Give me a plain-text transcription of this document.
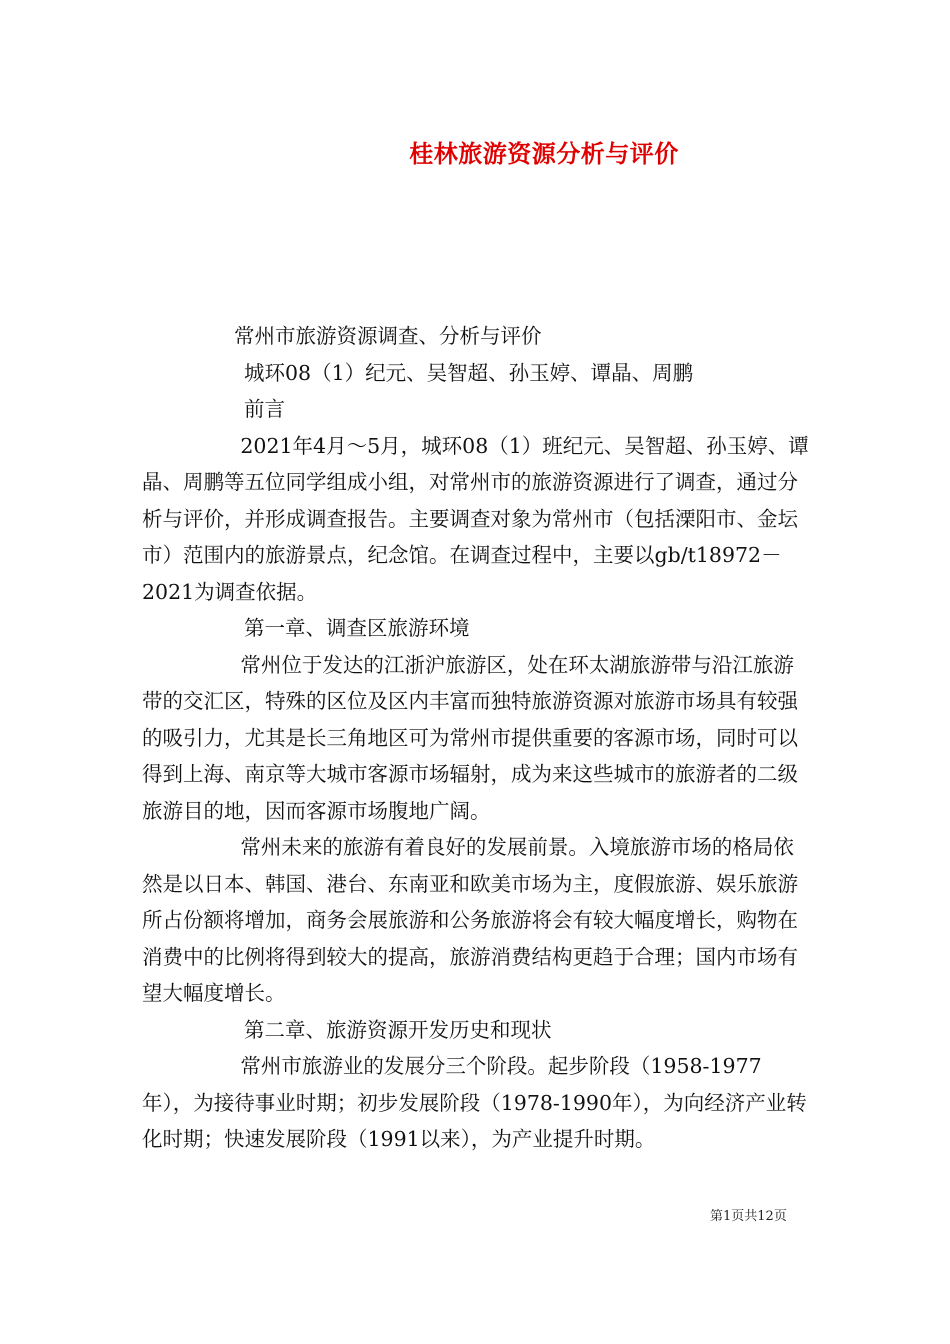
桂林旅游资源分析与评价

常州市旅游资源调查、分析与评价

城环08（1）纪元、吴智超、孙玉婷、谭晶、周鹏

前言

2021年4月～5月，城环08（1）班纪元、吴智超、孙玉婷、谭晶、周鹏等五位同学组成小组，对常州市的旅游资源进行了调查，通过分析与评价，并形成调查报告。主要调查对象为常州市（包括溧阳市、金坛市）范围内的旅游景点，纪念馆。在调查过程中，主要以gb/t18972－2021为调查依据。

第一章、调查区旅游环境

常州位于发达的江浙沪旅游区，处在环太湖旅游带与沿江旅游带的交汇区，特殊的区位及区内丰富而独特旅游资源对旅游市场具有较强的吸引力，尤其是长三角地区可为常州市提供重要的客源市场，同时可以得到上海、南京等大城市客源市场辐射，成为来这些城市的旅游者的二级旅游目的地，因而客源市场腹地广阔。

常州未来的旅游有着良好的发展前景。入境旅游市场的格局依然是以日本、韩国、港台、东南亚和欧美市场为主，度假旅游、娱乐旅游所占份额将增加，商务会展旅游和公务旅游将会有较大幅度增长，购物在消费中的比例将得到较大的提高，旅游消费结构更趋于合理；国内市场有望大幅度增长。

第二章、旅游资源开发历史和现状

常州市旅游业的发展分三个阶段。起步阶段（1958-1977年），为接待事业时期；初步发展阶段（1978-1990年），为向经济产业转化时期；快速发展阶段（1991以来），为产业提升时期。

第1页共12页
